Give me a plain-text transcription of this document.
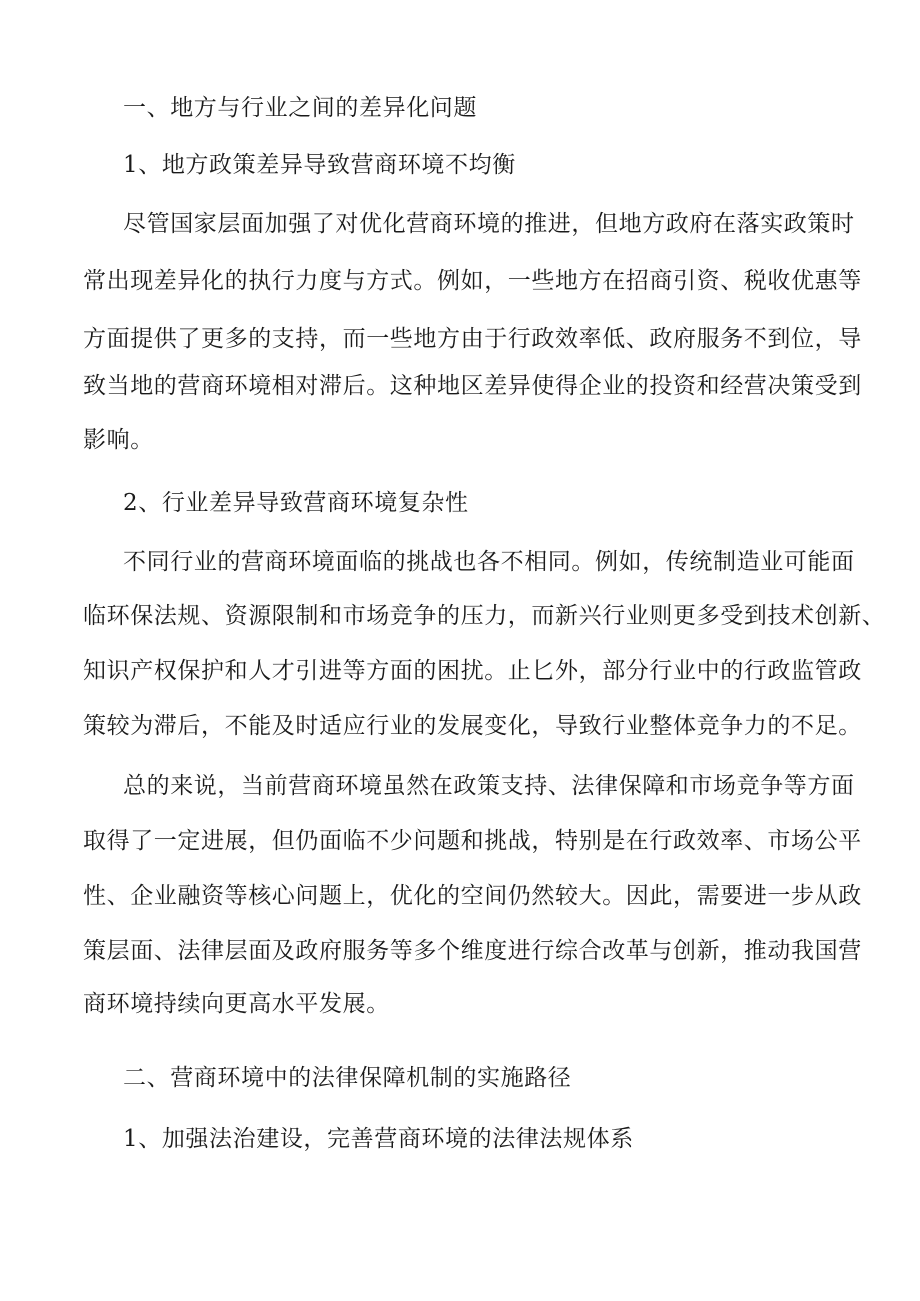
一、地方与行业之间的差异化问题
1、地方政策差异导致营商环境不均衡
尽管国家层面加强了对优化营商环境的推进，但地方政府在落实政策时
常出现差异化的执行力度与方式。例如，一些地方在招商引资、税收优惠等
方面提供了更多的支持，而一些地方由于行政效率低、政府服务不到位，导
致当地的营商环境相对滞后。这种地区差异使得企业的投资和经营决策受到
影响。
2、行业差异导致营商环境复杂性
不同行业的营商环境面临的挑战也各不相同。例如，传统制造业可能面
临环保法规、资源限制和市场竞争的压力，而新兴行业则更多受到技术创新、
知识产权保护和人才引进等方面的困扰。止匕外，部分行业中的行政监管政
策较为滞后，不能及时适应行业的发展变化，导致行业整体竞争力的不足。
总的来说，当前营商环境虽然在政策支持、法律保障和市场竞争等方面
取得了一定进展，但仍面临不少问题和挑战，特别是在行政效率、市场公平
性、企业融资等核心问题上，优化的空间仍然较大。因此，需要进一步从政
策层面、法律层面及政府服务等多个维度进行综合改革与创新，推动我国营
商环境持续向更高水平发展。
二、营商环境中的法律保障机制的实施路径
1、加强法治建设，完善营商环境的法律法规体系
